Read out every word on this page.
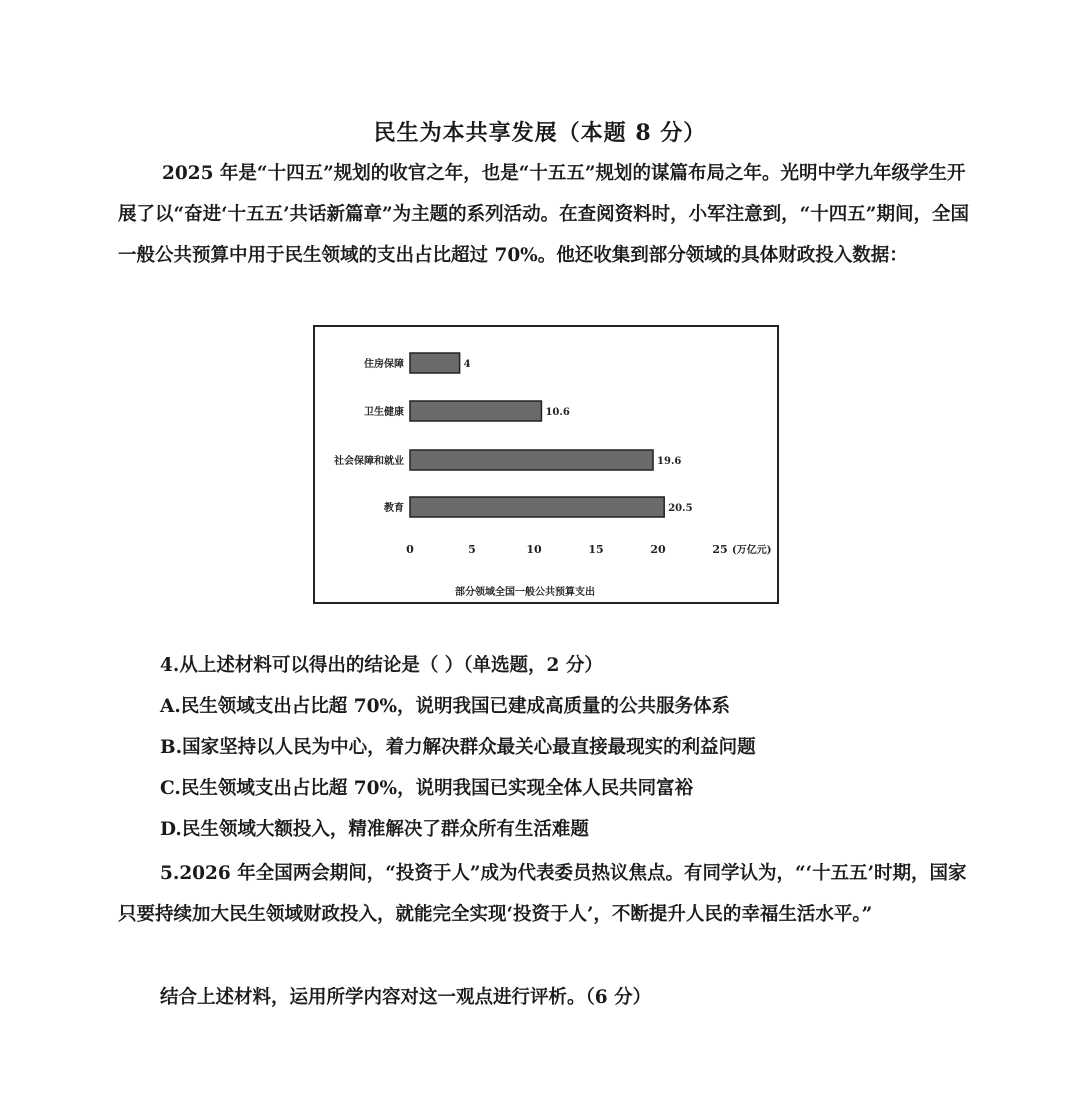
民生为本共享发展（本题 8 分）
2025 年是“十四五”规划的收官之年，也是“十五五”规划的谋篇布局之年。光明中学九年级学生开展了以“奋进‘十五五’共话新篇章”为主题的系列活动。在查阅资料时，小军注意到，“十四五”期间，全国一般公共预算中用于民生领域的支出占比超过 70%。他还收集到部分领域的具体财政投入数据：
住房保障	4
卫生健康	10.6
社会保障和就业	19.6
教育	20.5
0	5	10	15	20	25 (万亿元)
部分领域全国一般公共预算支出
4.从上述材料可以得出的结论是（ ）（单选题，2 分）
A.民生领域支出占比超 70%，说明我国已建成高质量的公共服务体系
B.国家坚持以人民为中心，着力解决群众最关心最直接最现实的利益问题
C.民生领域支出占比超 70%，说明我国已实现全体人民共同富裕
D.民生领域大额投入，精准解决了群众所有生活难题
5.2026 年全国两会期间，“投资于人”成为代表委员热议焦点。有同学认为，“‘十五五’时期，国家只要持续加大民生领域财政投入，就能完全实现‘投资于人’，不断提升人民的幸福生活水平。”
结合上述材料，运用所学内容对这一观点进行评析。（6 分）
